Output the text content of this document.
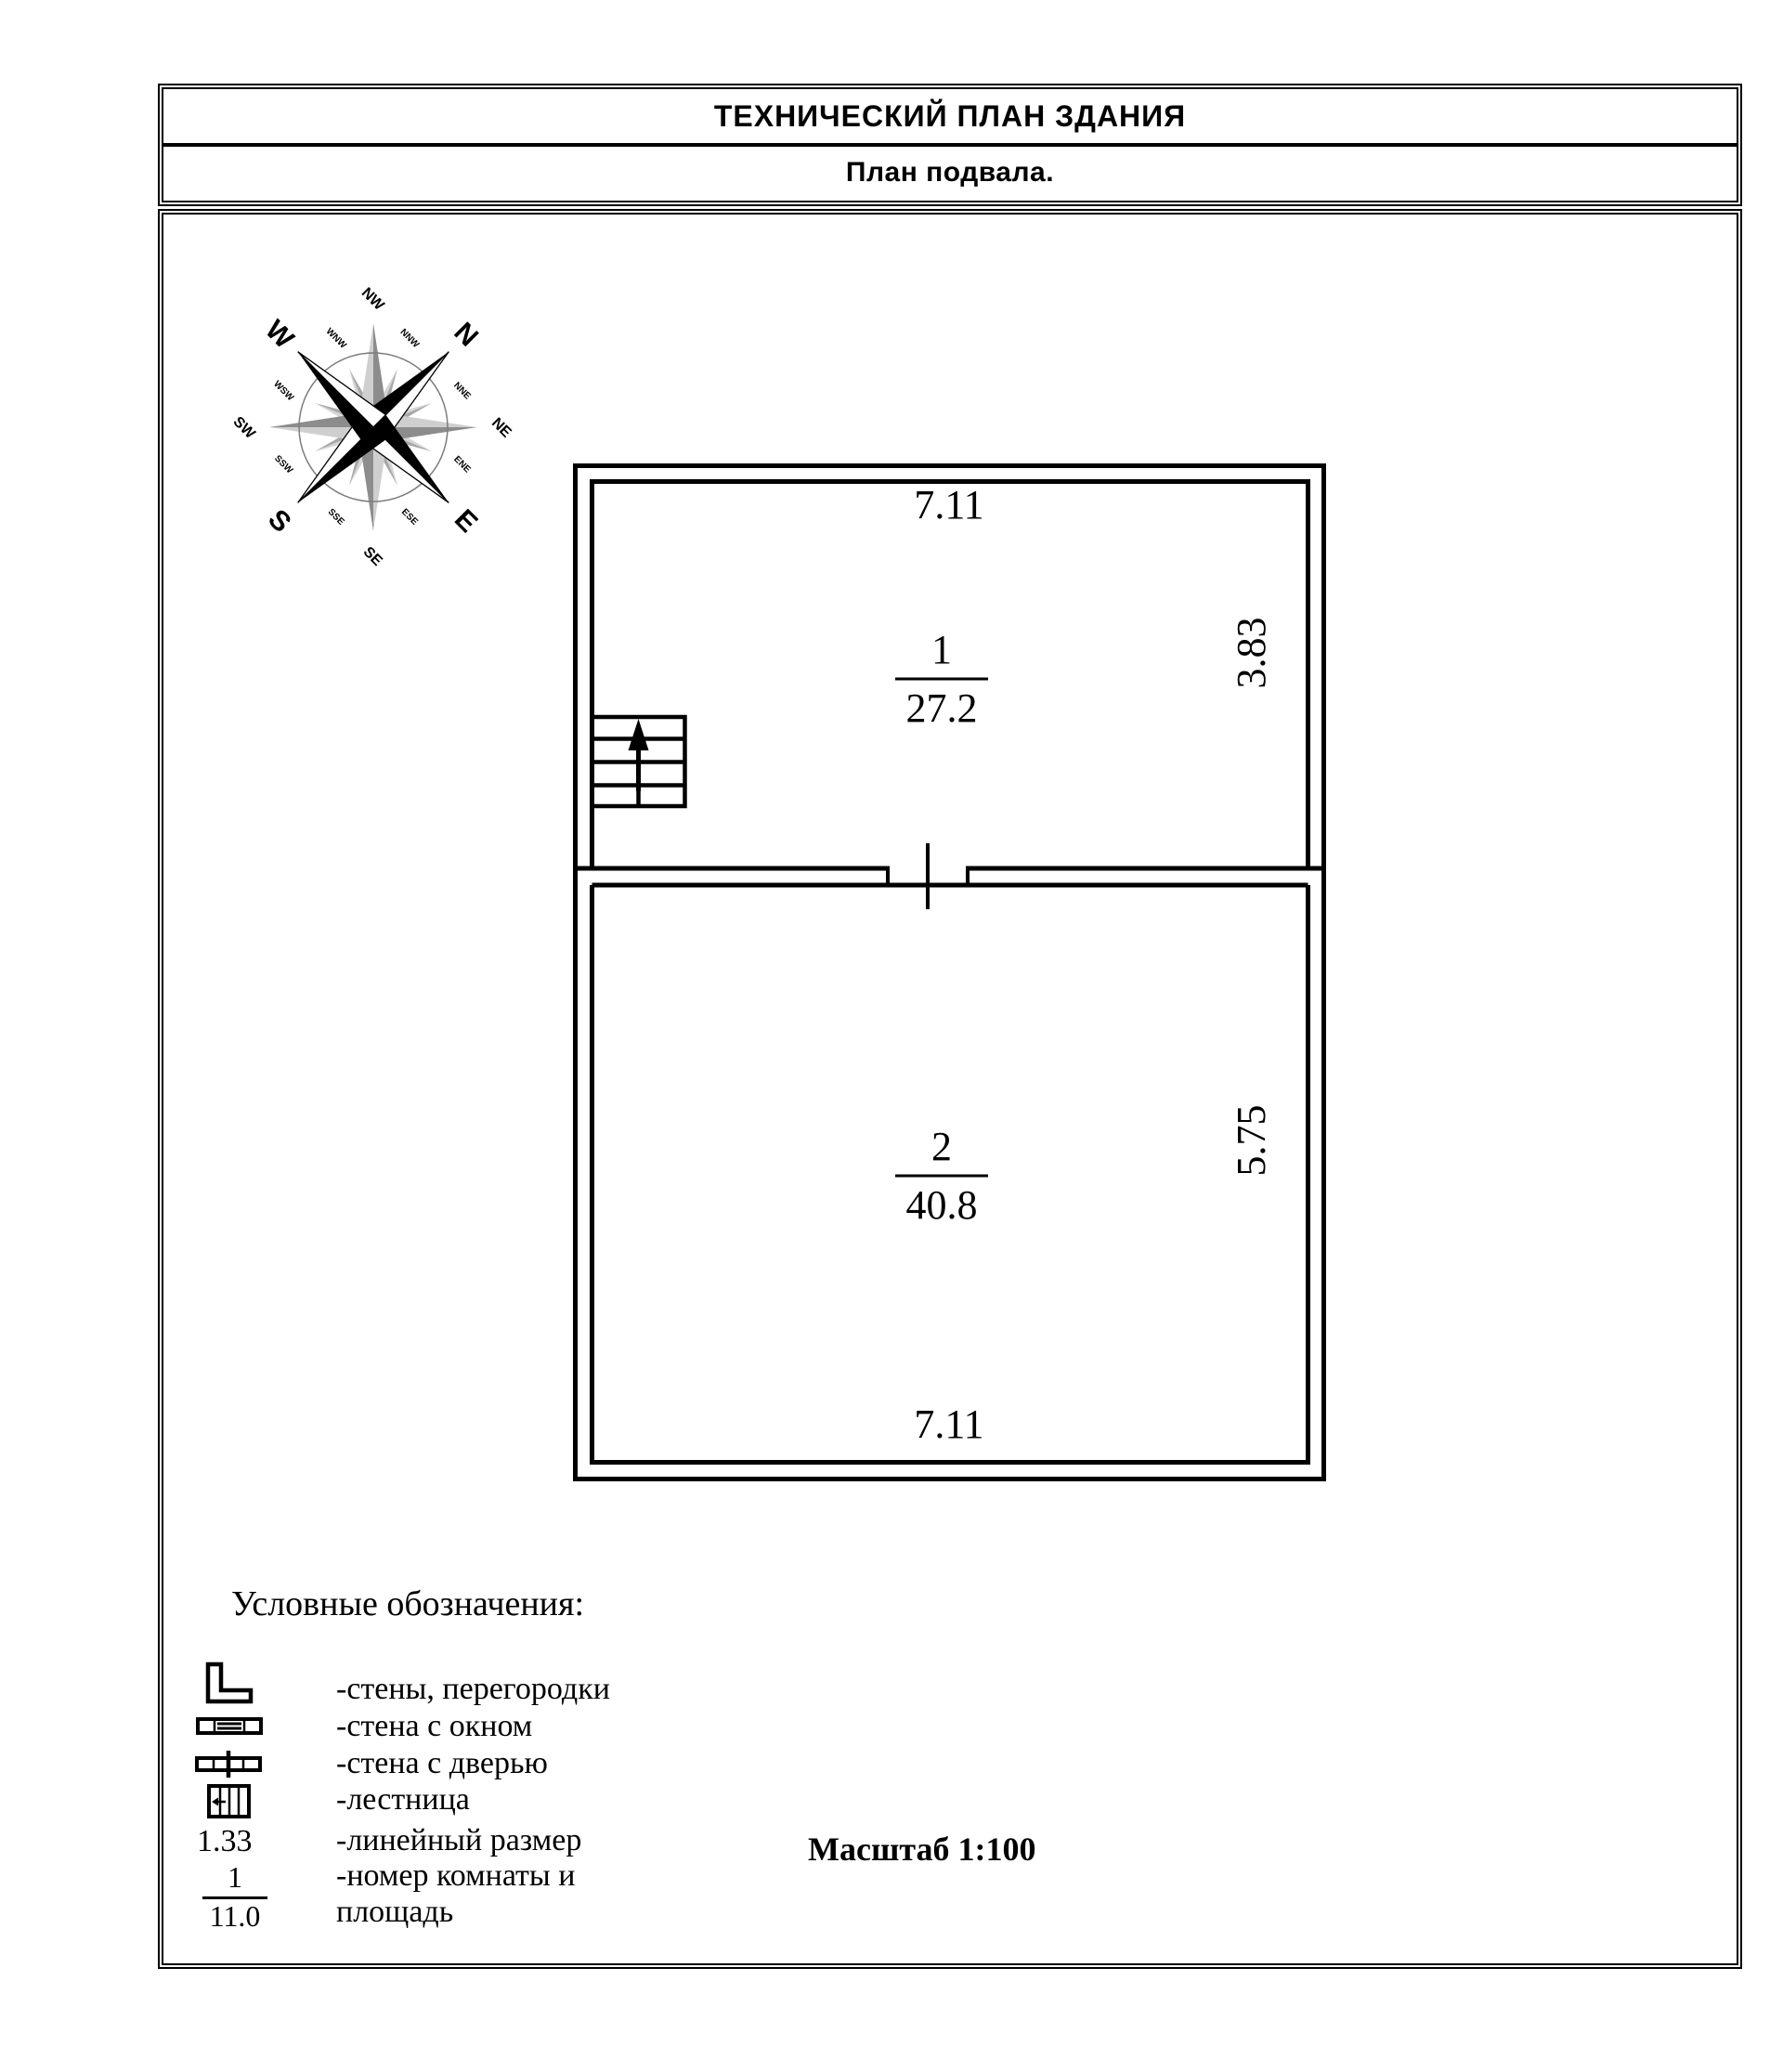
N
E
S
W
NE
SE
SW
NW
NNE
ENE
ESE
SSE
SSW
WSW
WNW	NNW
7.11
1
27.2
3.83
2
40.8
5.75
7.11
ТЕХНИЧЕСКИЙ ПЛАН ЗДАНИЯ
План подвала.
Условные обозначения:
-стены, перегородки
-стена с окном
-стена с дверью
-лестница
1.33	-линейный размер
1
11.0
-номер комнаты и
площадь
Масштаб 1:100
